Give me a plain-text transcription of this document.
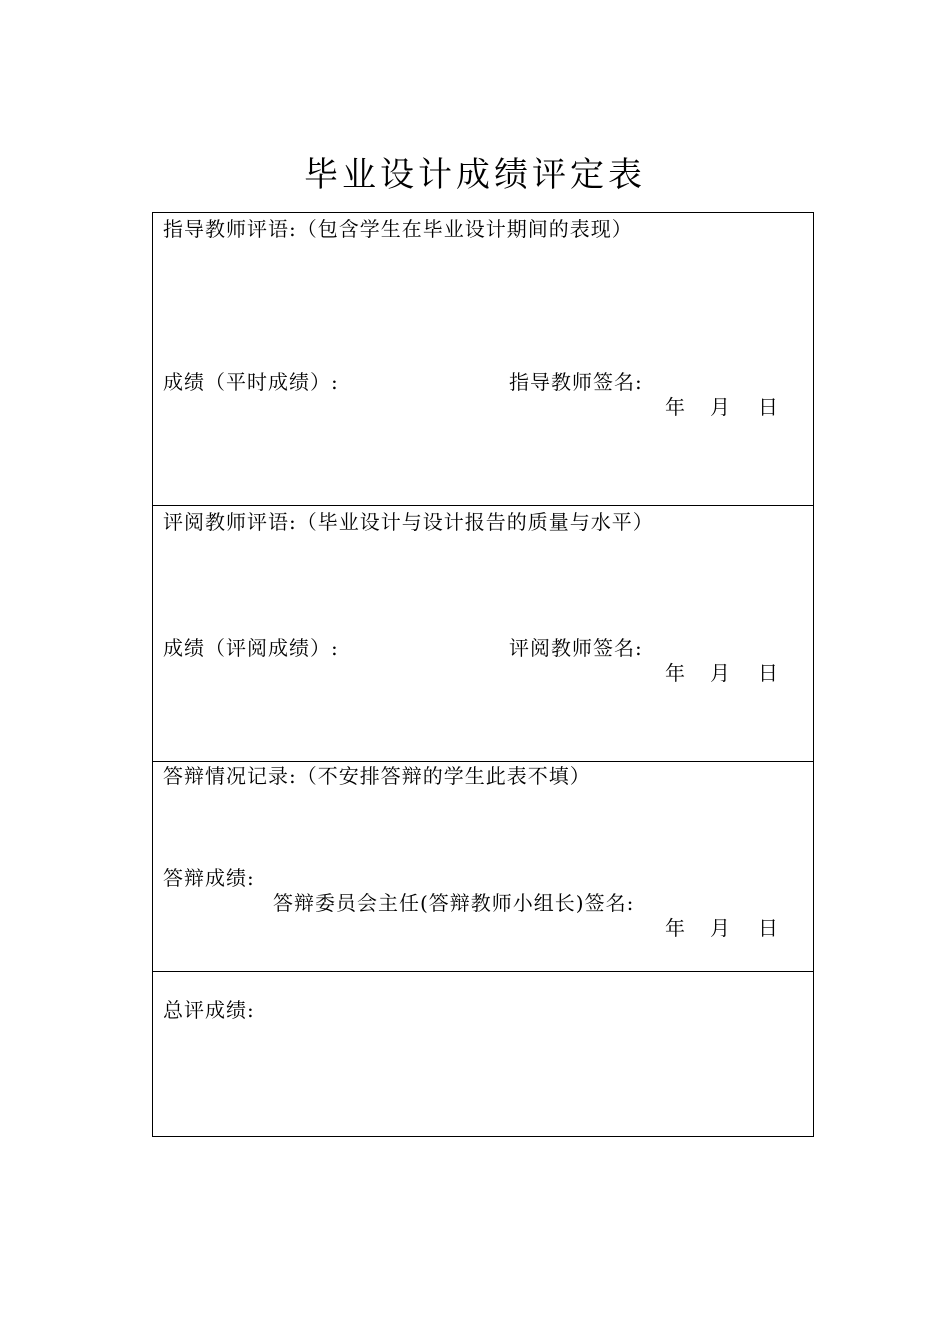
毕业设计成绩评定表
指导教师评语:（包含学生在毕业设计期间的表现）
成绩（平时成绩）:	指导教师签名:
年 月 日
评阅教师评语:（毕业设计与设计报告的质量与水平）
成绩（评阅成绩）:	评阅教师签名:
年 月 日
答辩情况记录:（不安排答辩的学生此表不填）
答辩成绩:
答辩委员会主任(答辩教师小组长)签名:
年 月 日
总评成绩:
